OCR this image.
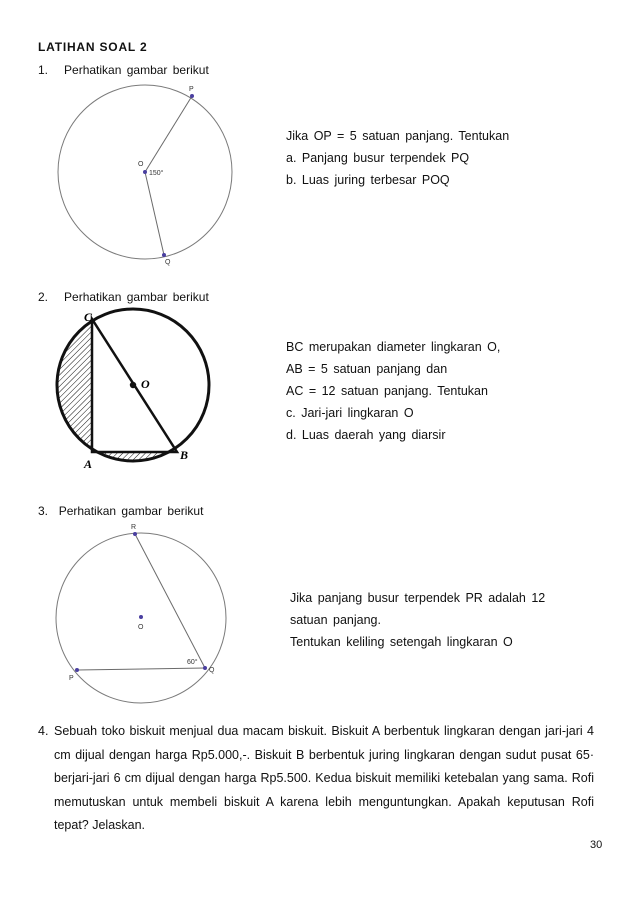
LATIHAN SOAL 2
1. Perhatikan gambar berikut
P
O
150°
Q
Jika OP = 5 satuan panjang. Tentukan
a. Panjang busur terpendek PQ
b. Luas juring terbesar POQ
2. Perhatikan gambar berikut
C
O
A
B
BC merupakan diameter lingkaran O,
AB = 5 satuan panjang dan
AC = 12 satuan panjang. Tentukan
c. Jari-jari lingkaran O
d. Luas daerah yang diarsir
3. Perhatikan gambar berikut
R
O
60°
Q
P
Jika panjang busur terpendek PR adalah 12
satuan panjang.
Tentukan keliling setengah lingkaran O
4. Sebuah toko biskuit menjual dua macam biskuit. Biskuit A berbentuk lingkaran dengan jari-jari 4 cm dijual dengan harga Rp5.000,-. Biskuit B berbentuk juring lingkaran dengan sudut pusat 65· berjari-jari 6 cm dijual dengan harga Rp5.500. Kedua biskuit memiliki ketebalan yang sama. Rofi memutuskan untuk membeli biskuit A karena lebih menguntungkan. Apakah keputusan Rofi tepat? Jelaskan.
30
